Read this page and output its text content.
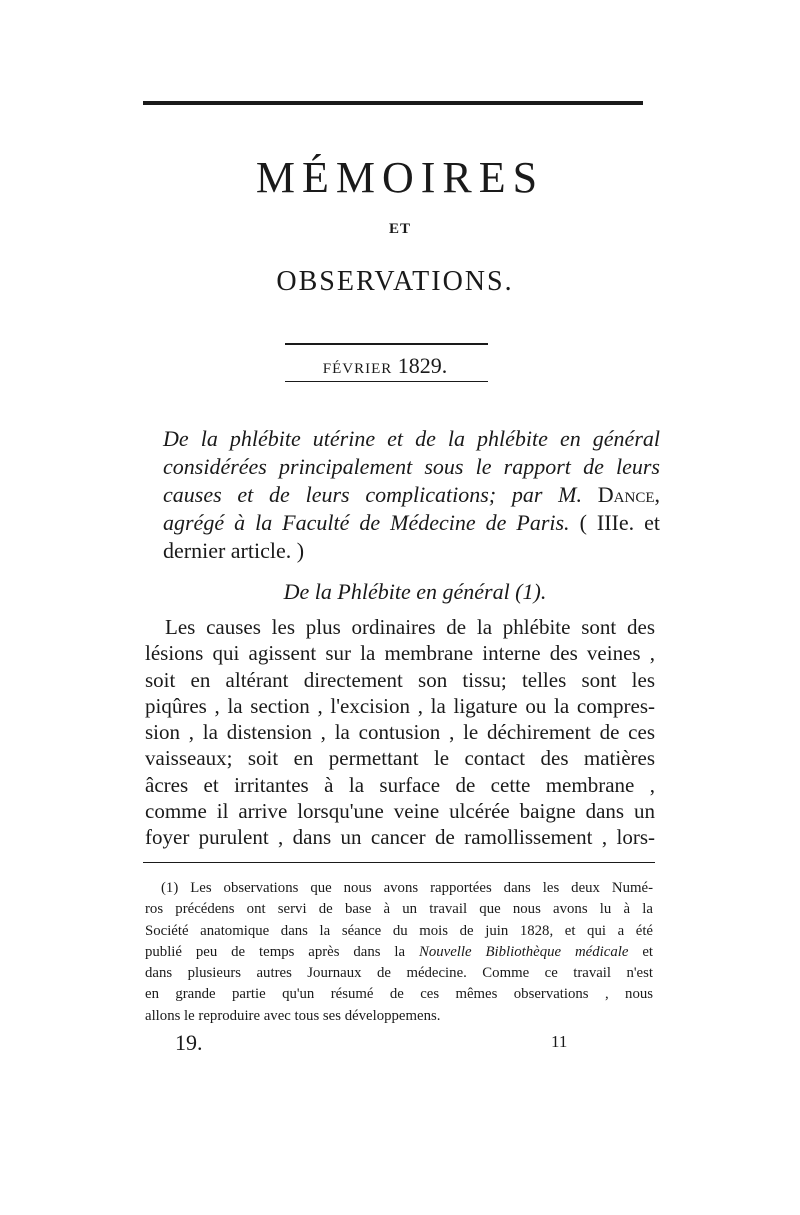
MÉMOIRES
ET
OBSERVATIONS.
FÉVRIER 1829.
De la phlébite utérine et de la phlébite en général
considérées principalement sous le rapport de leurs
causes et de leurs complications; par M. Dance,
agrégé à la Faculté de Médecine de Paris. ( IIIe. et
dernier article. )
De la Phlébite en général (1).
Les causes les plus ordinaires de la phlébite sont des
lésions qui agissent sur la membrane interne des veines ,
soit en altérant directement son tissu; telles sont les
piqûres , la section , l'excision , la ligature ou la compres-
sion , la distension , la contusion , le déchirement de ces
vaisseaux; soit en permettant le contact des matières
âcres et irritantes à la surface de cette membrane ,
comme il arrive lorsqu'une veine ulcérée baigne dans un
foyer purulent , dans un cancer de ramollissement , lors-
(1) Les observations que nous avons rapportées dans les deux Numé-
ros précédens ont servi de base à un travail que nous avons lu à la
Société anatomique dans la séance du mois de juin 1828, et qui a été
publié peu de temps après dans la Nouvelle Bibliothèque médicale et
dans plusieurs autres Journaux de médecine. Comme ce travail n'est
en grande partie qu'un résumé de ces mêmes observations , nous
allons le reproduire avec tous ses développemens.
19.	11
